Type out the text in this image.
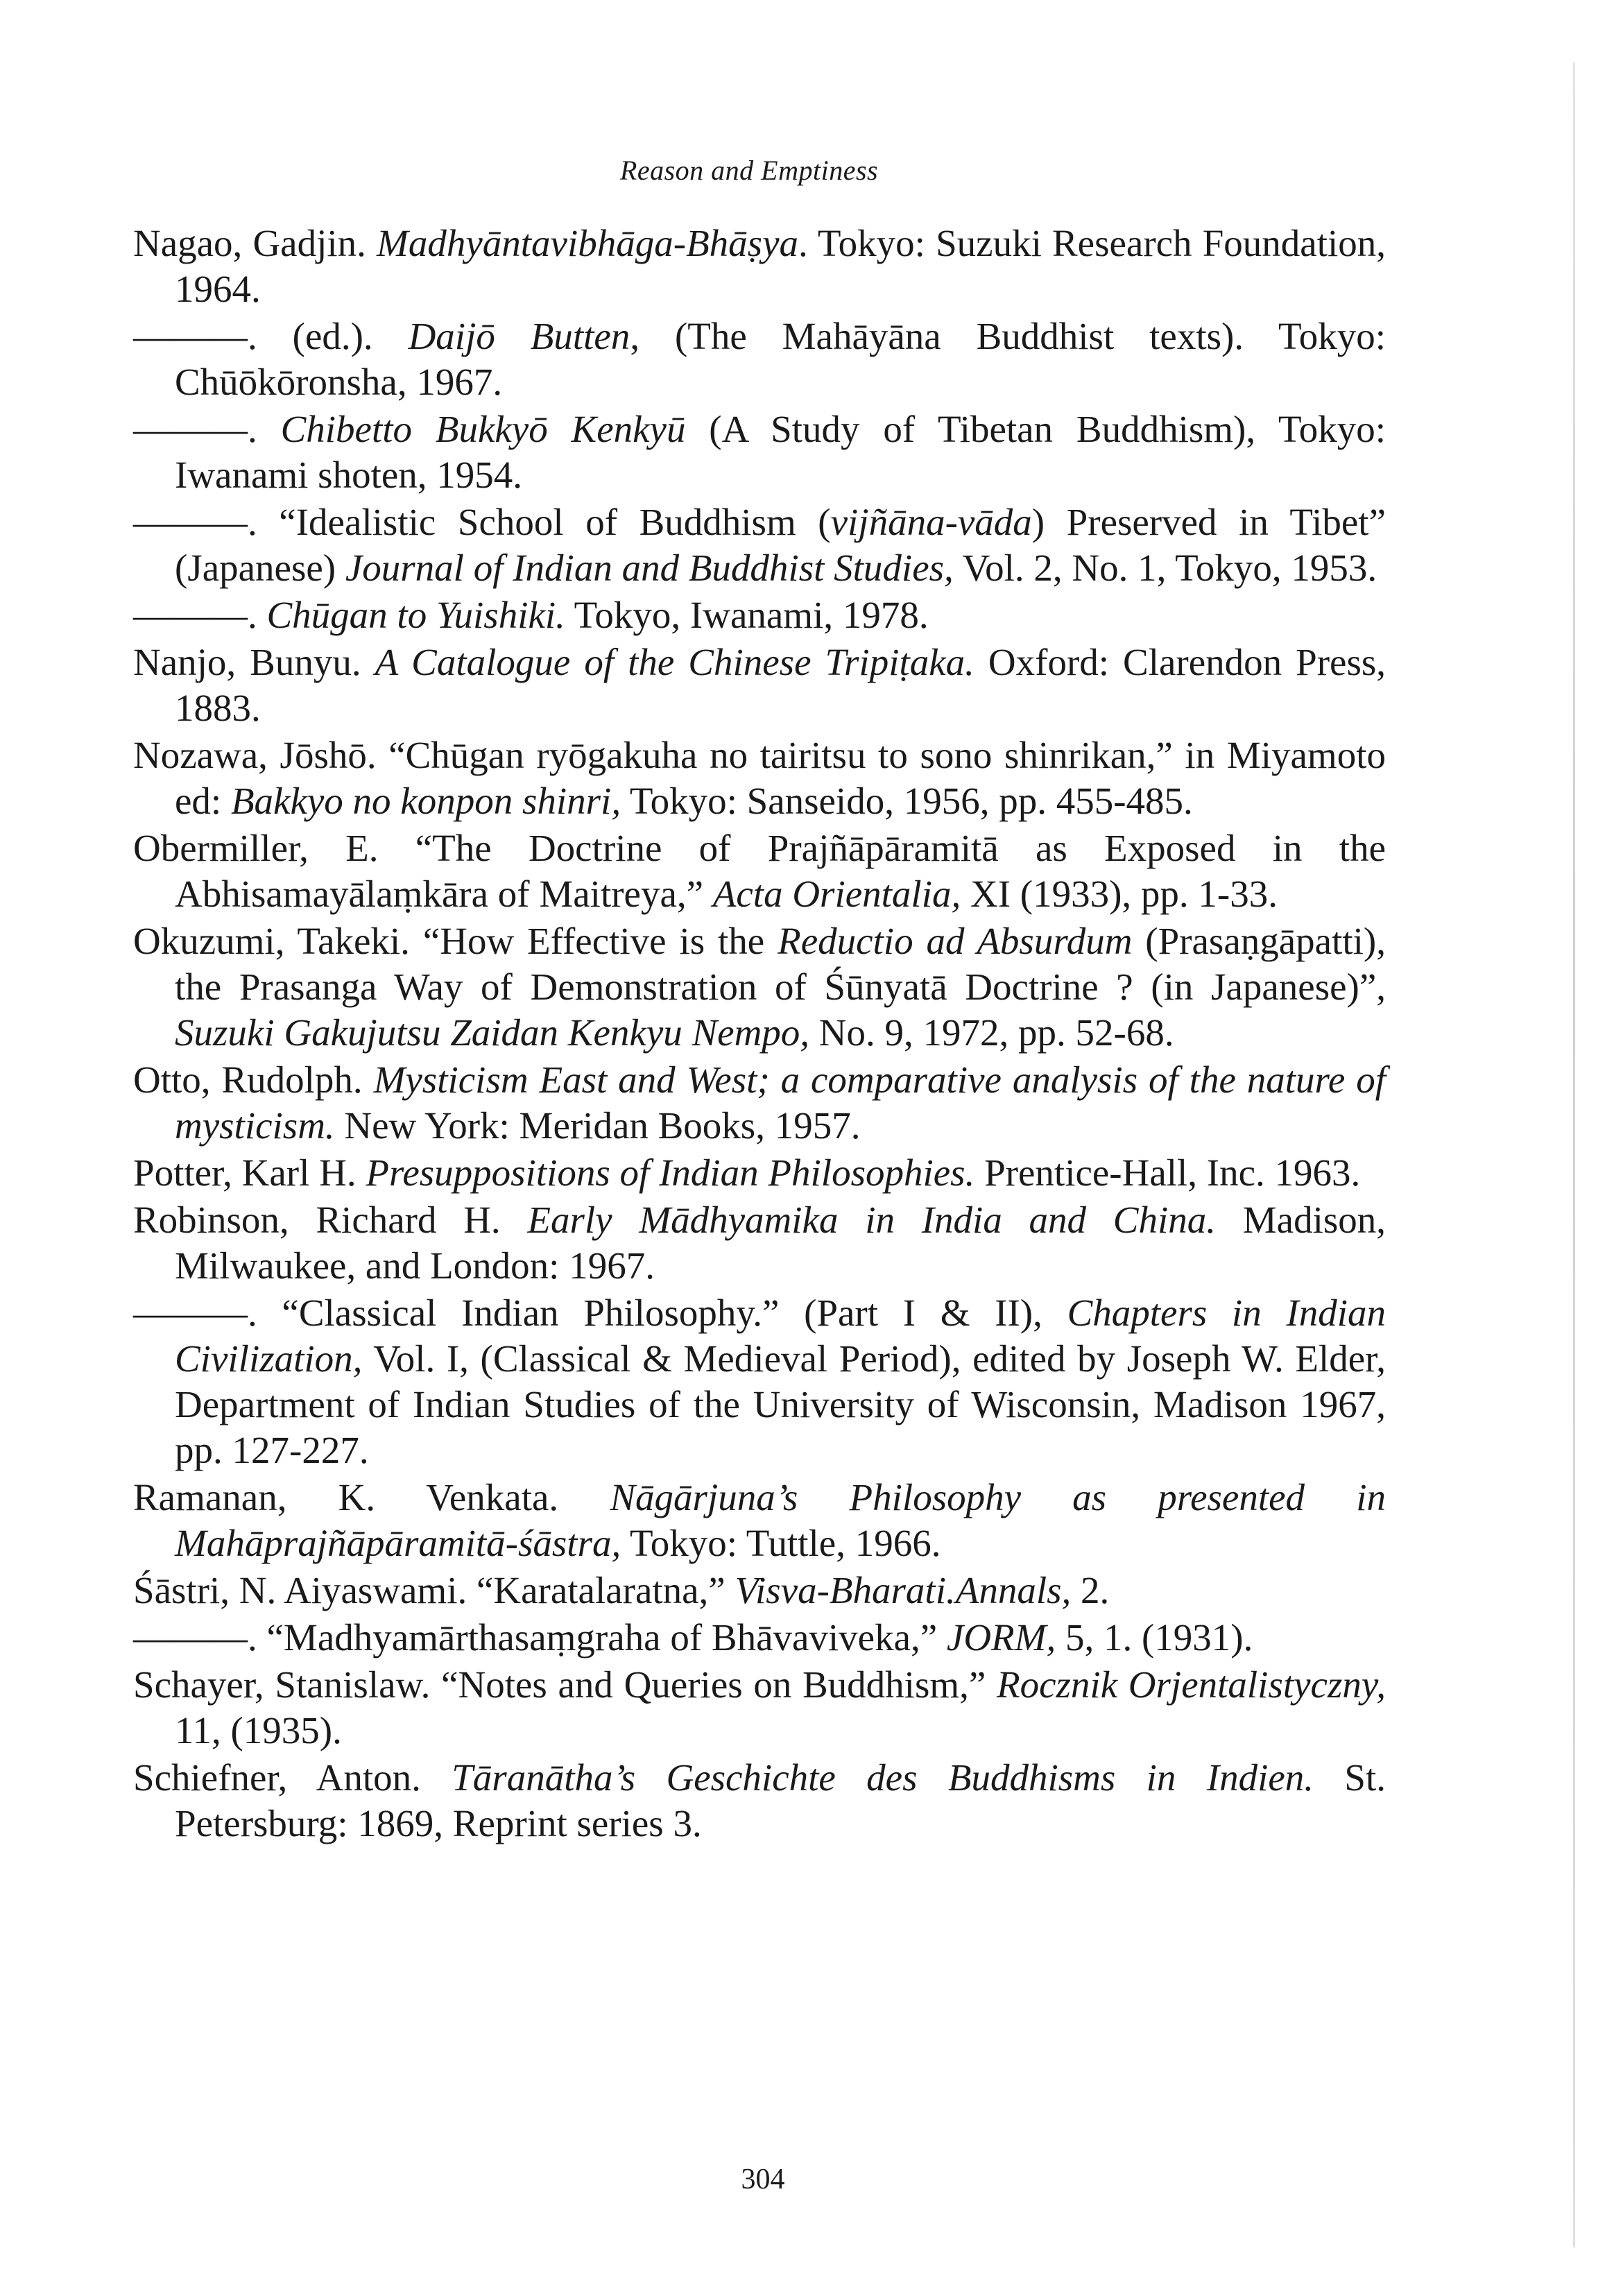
Reason and Emptiness
Nagao, Gadjin. Madhyāntavibhāga-Bhāṣya. Tokyo: Suzuki Research Foundation, 1964.
———. (ed.). Daijō Butten, (The Mahāyāna Buddhist texts). Tokyo: Chūōkōronsha, 1967.
———. Chibetto Bukkyō Kenkyū (A Study of Tibetan Buddhism), Tokyo: Iwanami shoten, 1954.
———. “Idealistic School of Buddhism (vijñāna-vāda) Preserved in Tibet” (Japanese) Journal of Indian and Buddhist Studies, Vol. 2, No. 1, Tokyo, 1953.
———. Chūgan to Yuishiki. Tokyo, Iwanami, 1978.
Nanjo, Bunyu. A Catalogue of the Chinese Tripiṭaka. Oxford: Clarendon Press, 1883.
Nozawa, Jōshō. “Chūgan ryōgakuha no tairitsu to sono shinrikan,” in Miyamoto ed: Bakkyo no konpon shinri, Tokyo: Sanseido, 1956, pp. 455-485.
Obermiller, E. “The Doctrine of Prajñāpāramitā as Exposed in the Abhisamayālaṃkāra of Maitreya,” Acta Orientalia, XI (1933), pp. 1-33.
Okuzumi, Takeki. “How Effective is the Reductio ad Absurdum (Prasaṇgāpatti), the Prasanga Way of Demonstration of Śūnyatā Doctrine ? (in Japanese)”, Suzuki Gakujutsu Zaidan Kenkyu Nempo, No. 9, 1972, pp. 52-68.
Otto, Rudolph. Mysticism East and West; a comparative analysis of the nature of mysticism. New York: Meridan Books, 1957.
Potter, Karl H. Presuppositions of Indian Philosophies. Prentice-Hall, Inc. 1963.
Robinson, Richard H. Early Mādhyamika in India and China. Madison, Milwaukee, and London: 1967.
———. “Classical Indian Philosophy.” (Part I & II), Chapters in Indian Civilization, Vol. I, (Classical & Medieval Period), edited by Joseph W. Elder, Department of Indian Studies of the University of Wisconsin, Madison 1967, pp. 127-227.
Ramanan, K. Venkata. Nāgārjuna’s Philosophy as presented in Mahāprajñāpāramitā-śāstra, Tokyo: Tuttle, 1966.
Śāstri, N. Aiyaswami. “Karatalaratna,” Visva-Bharati.Annals, 2.
———. “Madhyamārthasaṃgraha of Bhāvaviveka,” JORM, 5, 1. (1931).
Schayer, Stanislaw. “Notes and Queries on Buddhism,” Rocznik Orjentalistyczny, 11, (1935).
Schiefner, Anton. Tāranātha’s Geschichte des Buddhisms in Indien. St. Petersburg: 1869, Reprint series 3.
304
